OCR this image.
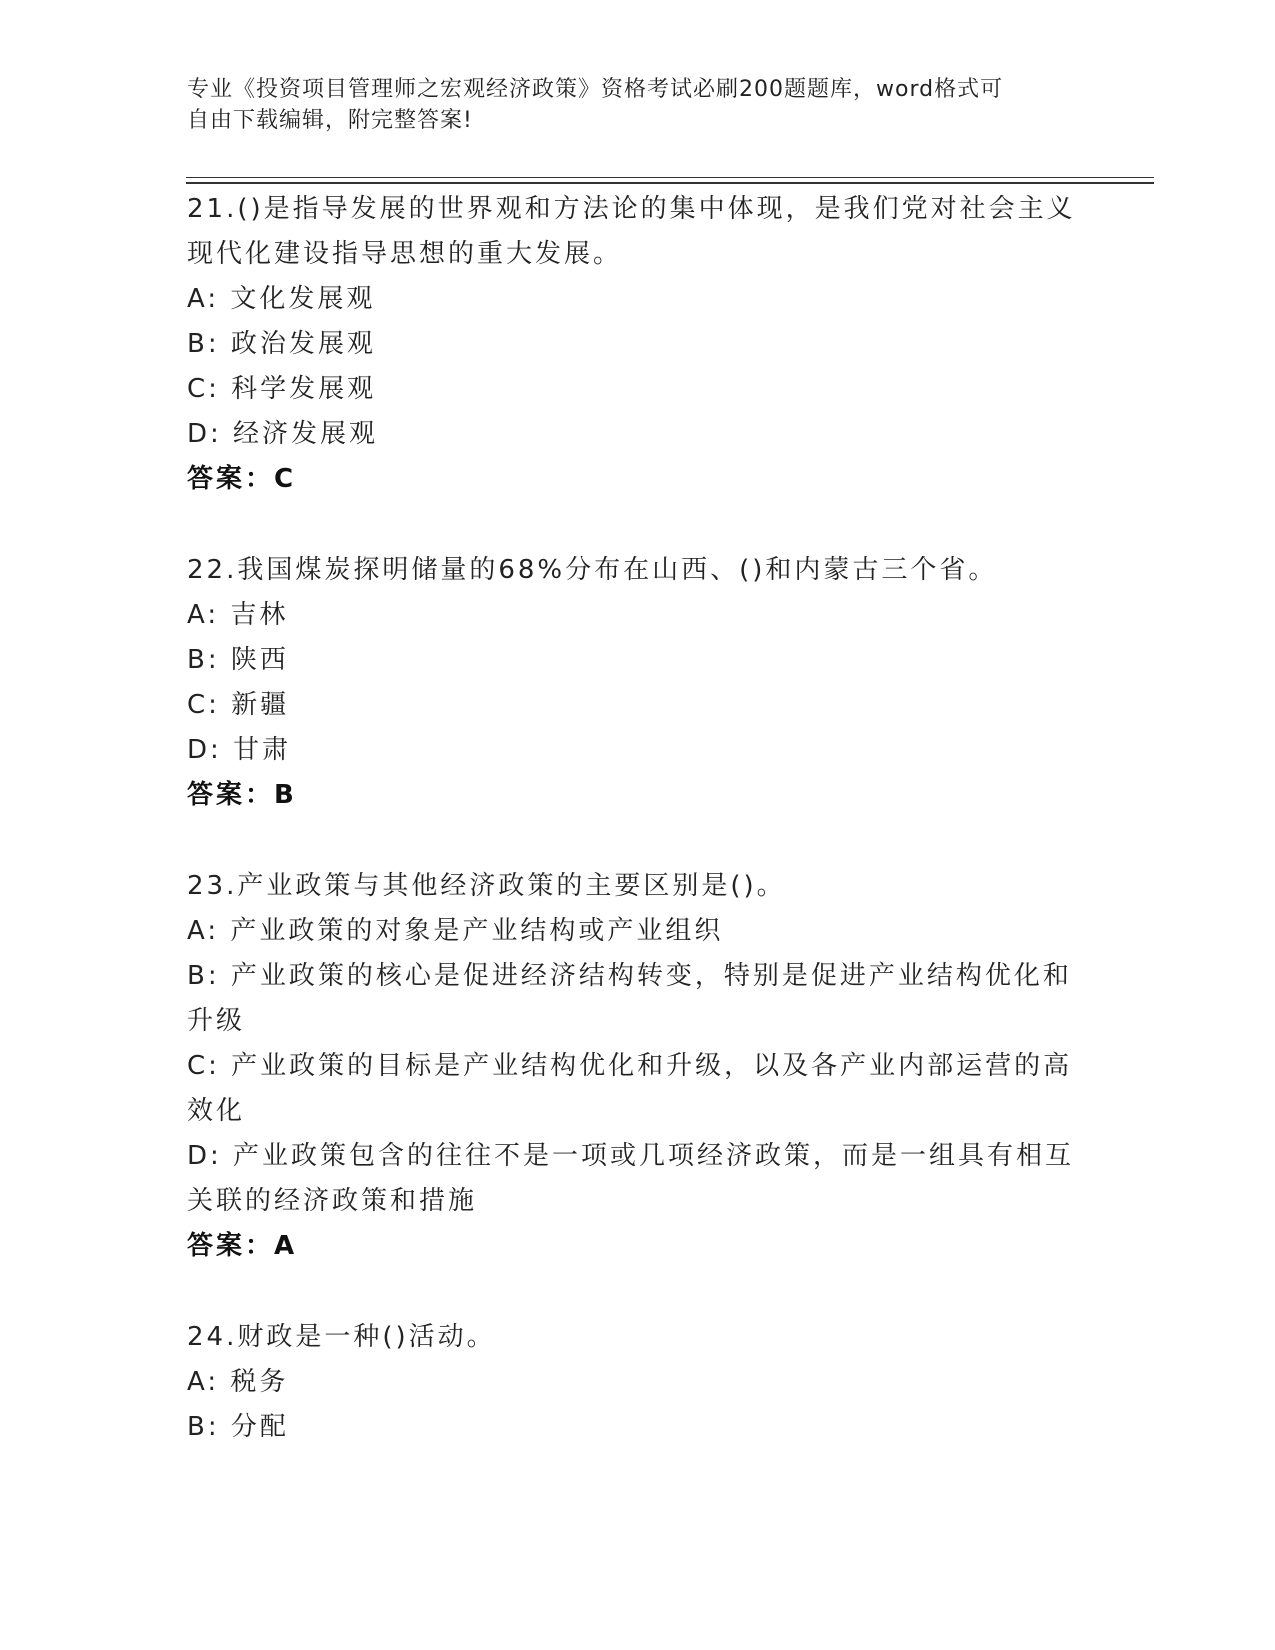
专业《投资项目管理师之宏观经济政策》资格考试必刷200题题库，word格式可
自由下载编辑，附完整答案!
21.()是指导发展的世界观和方法论的集中体现，是我们党对社会主义
现代化建设指导思想的重大发展。
A: 文化发展观
B: 政治发展观
C: 科学发展观
D: 经济发展观
答案：C
22.我国煤炭探明储量的68%分布在山西、()和内蒙古三个省。
A: 吉林
B: 陕西
C: 新疆
D: 甘肃
答案：B
23.产业政策与其他经济政策的主要区别是()。
A: 产业政策的对象是产业结构或产业组织
B: 产业政策的核心是促进经济结构转变，特别是促进产业结构优化和
升级
C: 产业政策的目标是产业结构优化和升级，以及各产业内部运营的高
效化
D: 产业政策包含的往往不是一项或几项经济政策，而是一组具有相互
关联的经济政策和措施
答案：A
24.财政是一种()活动。
A: 税务
B: 分配
